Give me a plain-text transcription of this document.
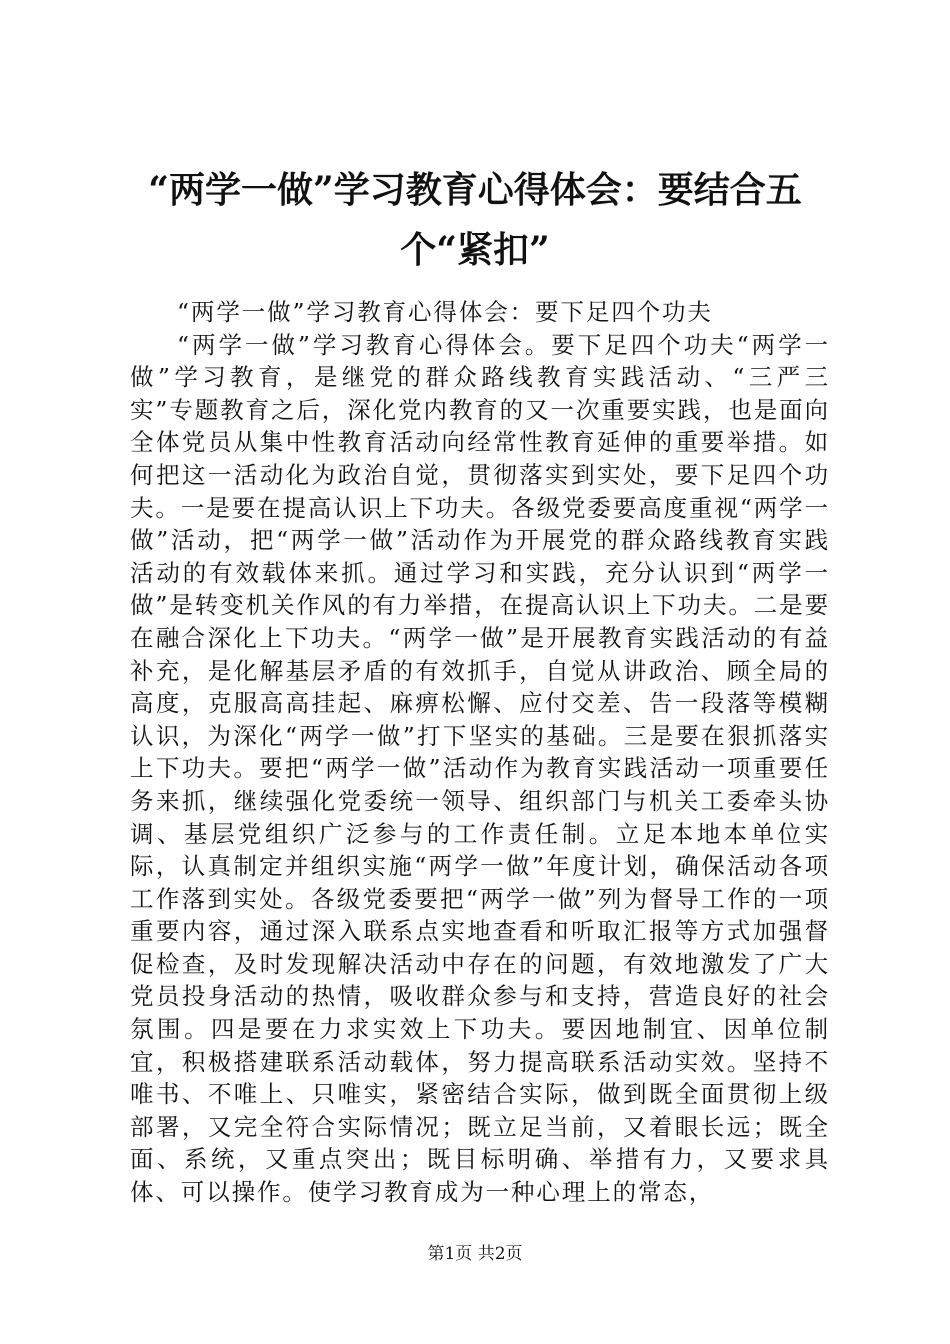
“两学一做”学习教育心得体会：要结合五个“紧扣”

“两学一做”学习教育心得体会：要下足四个功夫

“两学一做”学习教育心得体会。要下足四个功夫“两学一做”学习教育，是继党的群众路线教育实践活动、“三严三实”专题教育之后，深化党内教育的又一次重要实践，也是面向全体党员从集中性教育活动向经常性教育延伸的重要举措。如何把这一活动化为政治自觉，贯彻落实到实处，要下足四个功夫。一是要在提高认识上下功夫。各级党委要高度重视“两学一做”活动，把“两学一做”活动作为开展党的群众路线教育实践活动的有效载体来抓。通过学习和实践，充分认识到“两学一做”是转变机关作风的有力举措，在提高认识上下功夫。二是要在融合深化上下功夫。“两学一做”是开展教育实践活动的有益补充，是化解基层矛盾的有效抓手，自觉从讲政治、顾全局的高度，克服高高挂起、麻痹松懈、应付交差、告一段落等模糊认识，为深化“两学一做”打下坚实的基础。三是要在狠抓落实上下功夫。要把“两学一做”活动作为教育实践活动一项重要任务来抓，继续强化党委统一领导、组织部门与机关工委牵头协调、基层党组织广泛参与的工作责任制。立足本地本单位实际，认真制定并组织实施“两学一做”年度计划，确保活动各项工作落到实处。各级党委要把“两学一做”列为督导工作的一项重要内容，通过深入联系点实地查看和听取汇报等方式加强督促检查，及时发现解决活动中存在的问题，有效地激发了广大党员投身活动的热情，吸收群众参与和支持，营造良好的社会氛围。四是要在力求实效上下功夫。要因地制宜、因单位制宜，积极搭建联系活动载体，努力提高联系活动实效。坚持不唯书、不唯上、只唯实，紧密结合实际，做到既全面贯彻上级部署，又完全符合实际情况；既立足当前，又着眼长远；既全面、系统，又重点突出；既目标明确、举措有力，又要求具体、可以操作。使学习教育成为一种心理上的常态，

第1页 共2页
